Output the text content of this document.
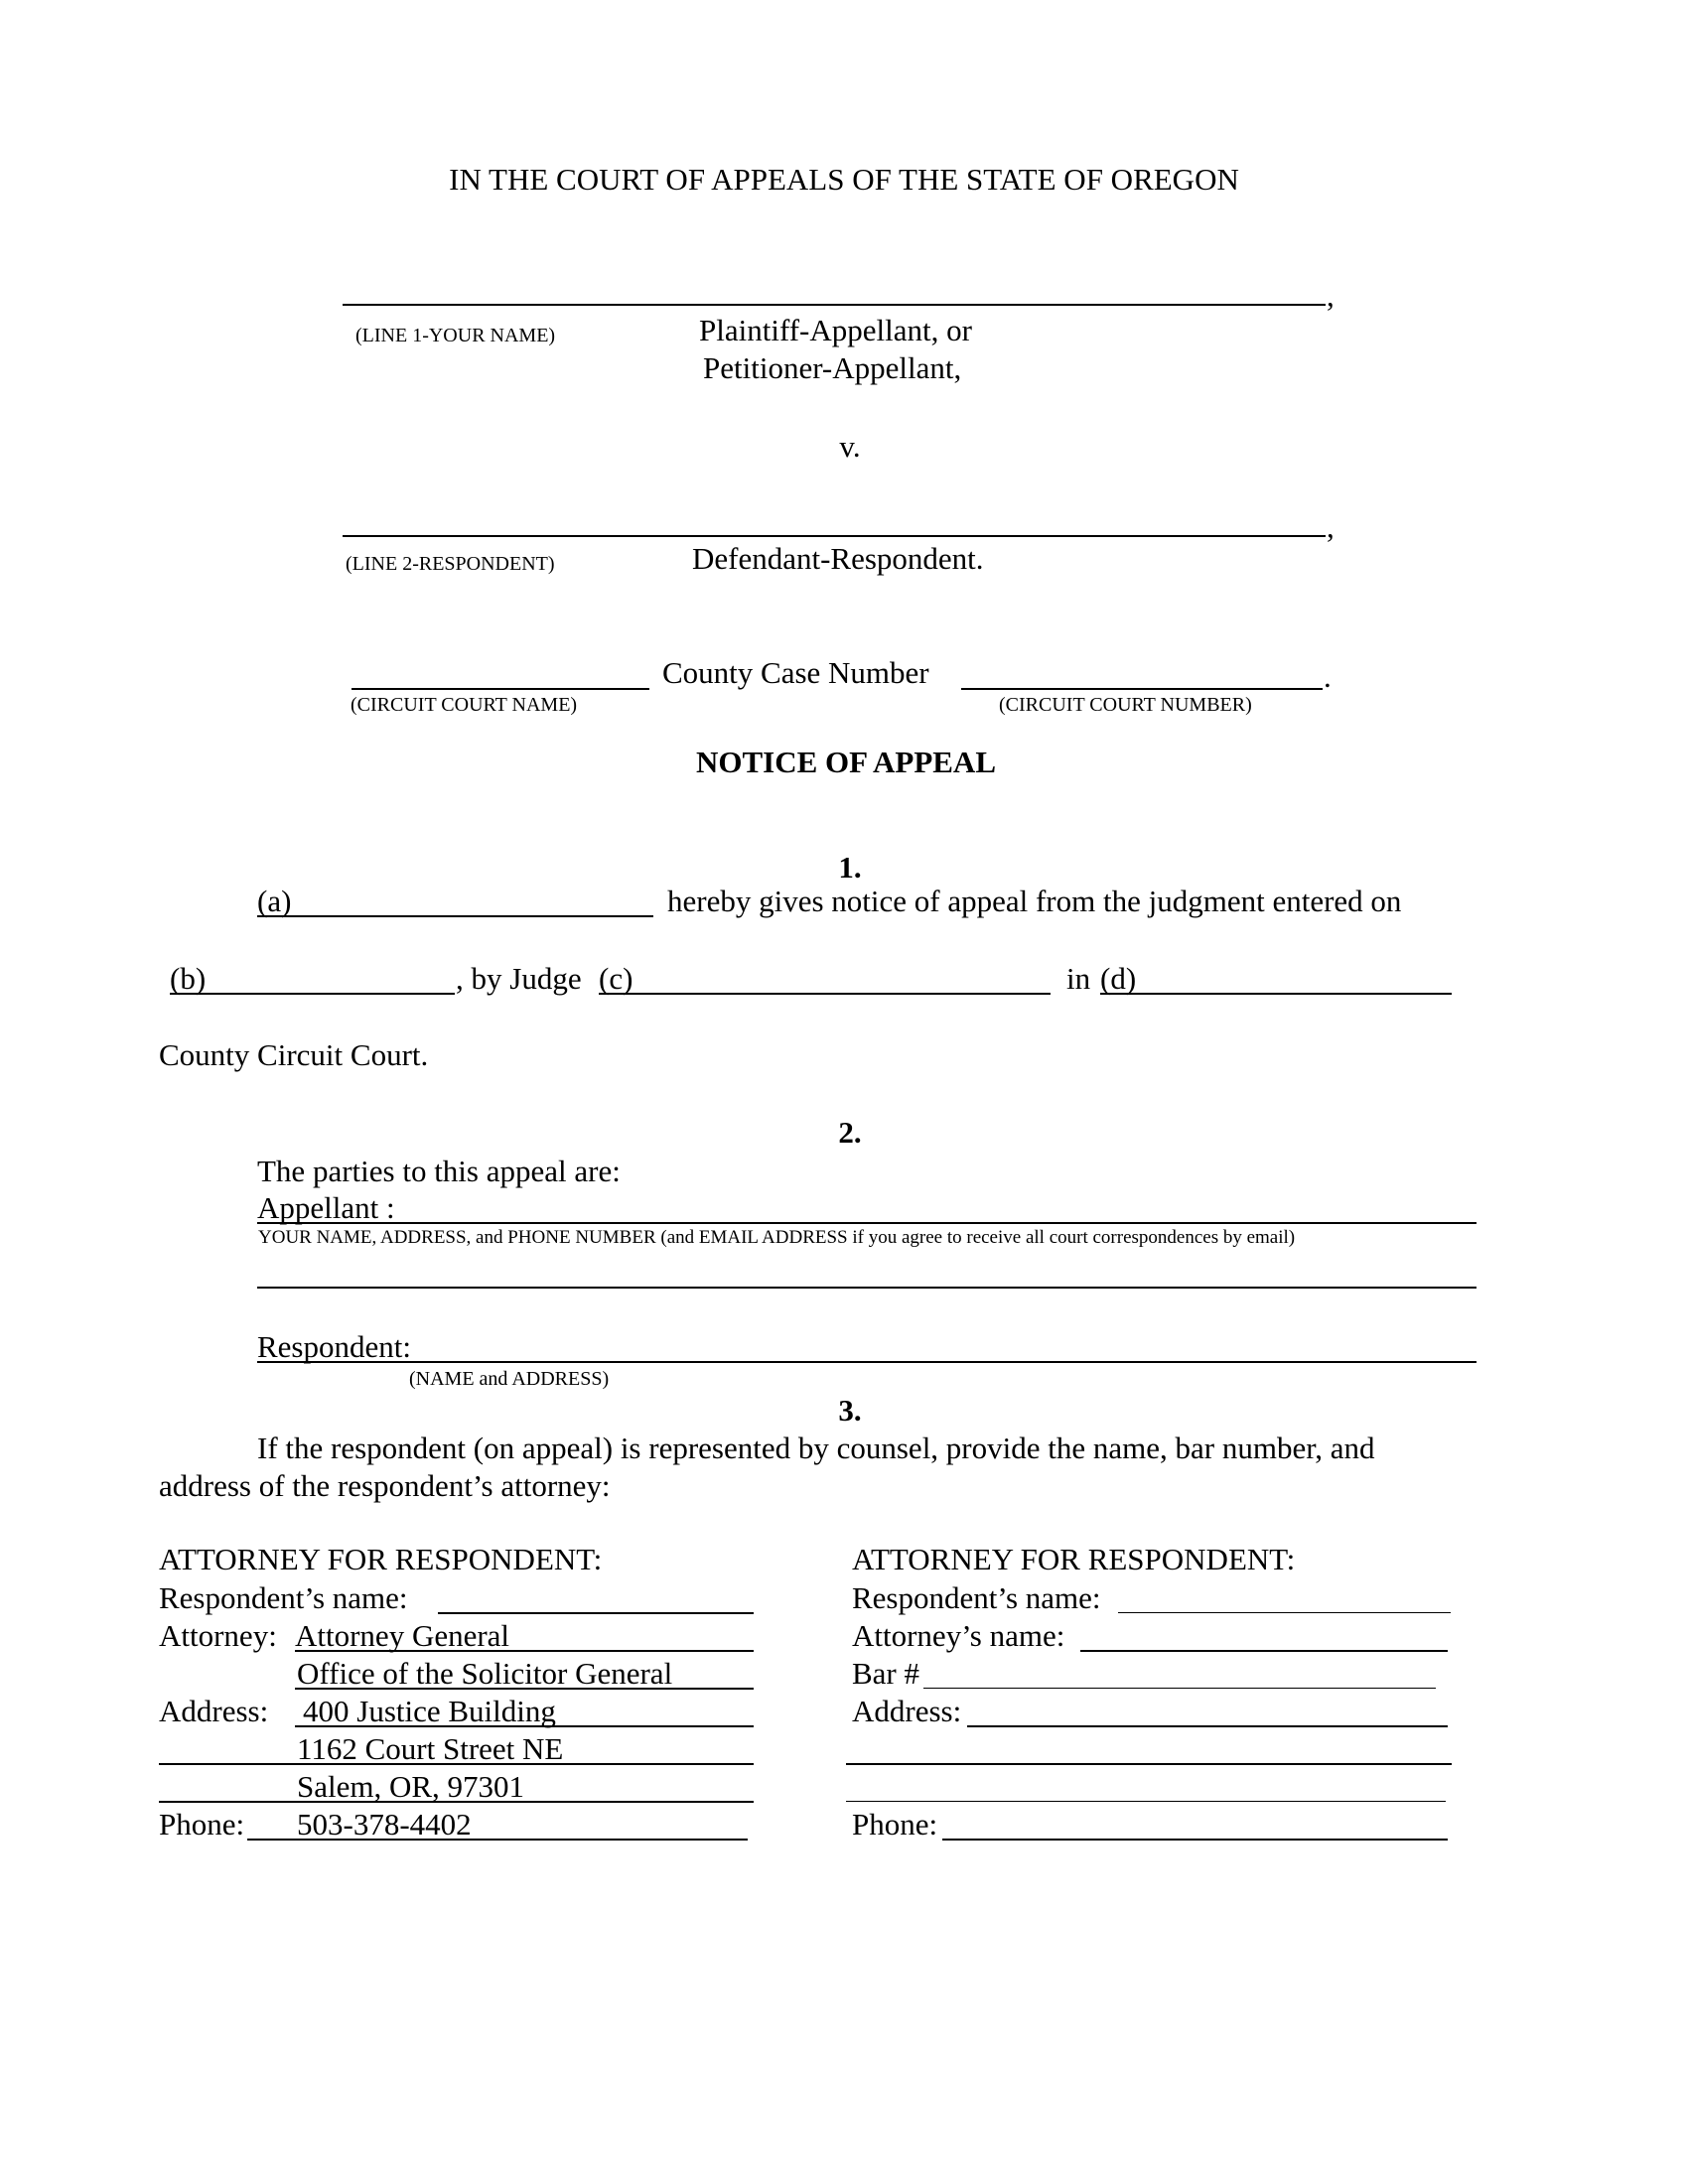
IN THE COURT OF APPEALS OF THE STATE OF OREGON
,
(LINE 1-YOUR NAME)	Plaintiff-Appellant, or
Petitioner-Appellant,
v.
,
(LINE 2-RESPONDENT)	Defendant-Respondent.
County Case Number	.
(CIRCUIT COURT NAME)	(CIRCUIT COURT NUMBER)
NOTICE OF APPEAL
1.
(a)	hereby gives notice of appeal from the judgment entered on
(b)	, by Judge (c)	in (d)
County Circuit Court.
2.
The parties to this appeal are:
Appellant :
YOUR NAME, ADDRESS, and PHONE NUMBER (and EMAIL ADDRESS if you agree to receive all court correspondences by email)
Respondent:
(NAME and ADDRESS)
3.
If the respondent (on appeal) is represented by counsel, provide the name, bar number, and
address of the respondent’s attorney:
ATTORNEY FOR RESPONDENT:
Respondent’s name:
Attorney: Attorney General
Office of the Solicitor General
Address: 400 Justice Building
1162 Court Street NE
Salem, OR, 97301
Phone: 503-378-4402
ATTORNEY FOR RESPONDENT:
Respondent’s name:
Attorney’s name:
Bar #
Address:
Phone:
